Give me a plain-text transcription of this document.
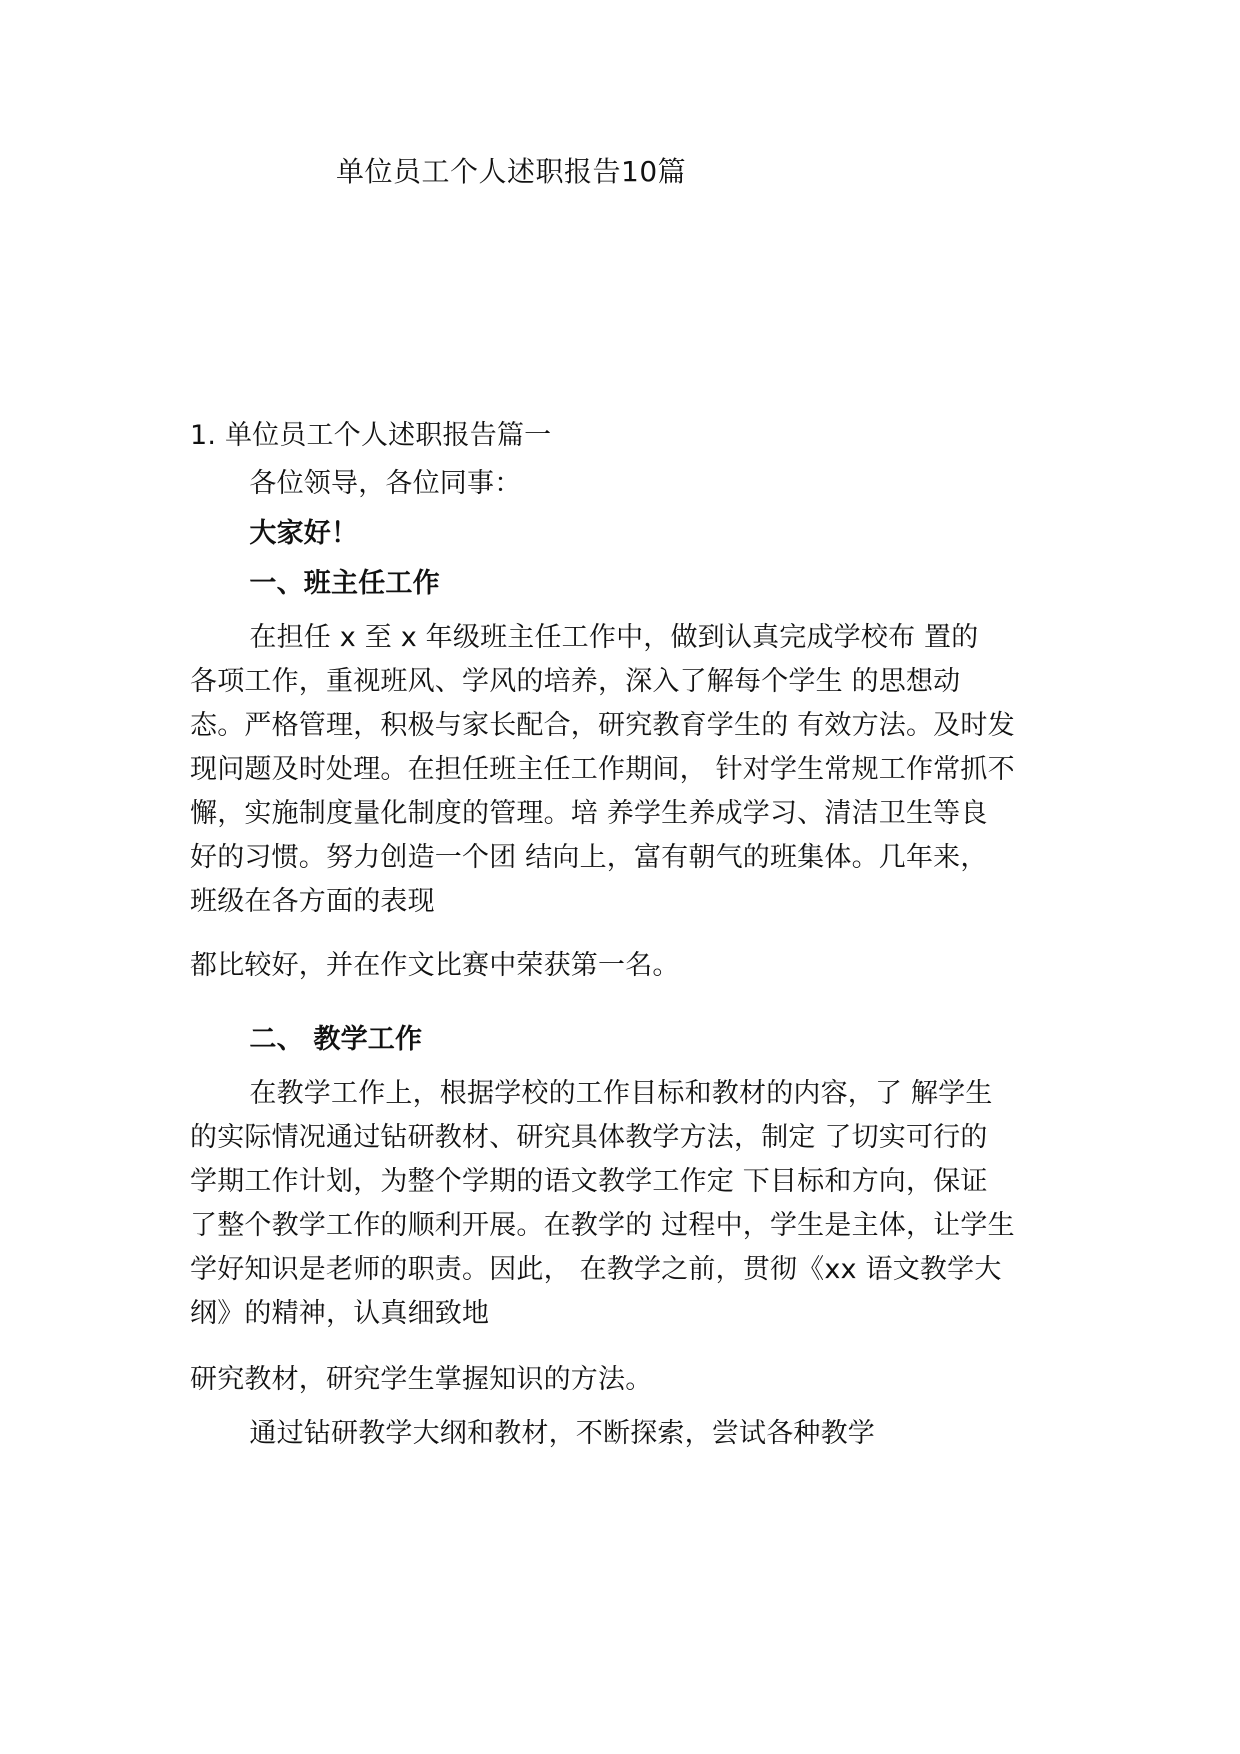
单位员工个人述职报告10篇
1. 单位员工个人述职报告篇一
各位领导，各位同事：
大家好！
一、班主任工作
在担任 x 至 x 年级班主任工作中，做到认真完成学校布 置的
各项工作，重视班风、学风的培养，深入了解每个学生 的思想动
态。严格管理，积极与家长配合，研究教育学生的 有效方法。及时发
现问题及时处理。在担任班主任工作期间， 针对学生常规工作常抓不
懈，实施制度量化制度的管理。培 养学生养成学习、清洁卫生等良
好的习惯。努力创造一个团 结向上，富有朝气的班集体。几年来，
班级在各方面的表现
都比较好，并在作文比赛中荣获第一名。
二、 教学工作
在教学工作上，根据学校的工作目标和教材的内容，了 解学生
的实际情况通过钻研教材、研究具体教学方法，制定 了切实可行的
学期工作计划，为整个学期的语文教学工作定 下目标和方向，保证
了整个教学工作的顺利开展。在教学的 过程中，学生是主体，让学生
学好知识是老师的职责。因此， 在教学之前，贯彻《xx 语文教学大
纲》的精神，认真细致地
研究教材，研究学生掌握知识的方法。
通过钻研教学大纲和教材，不断探索，尝试各种教学
